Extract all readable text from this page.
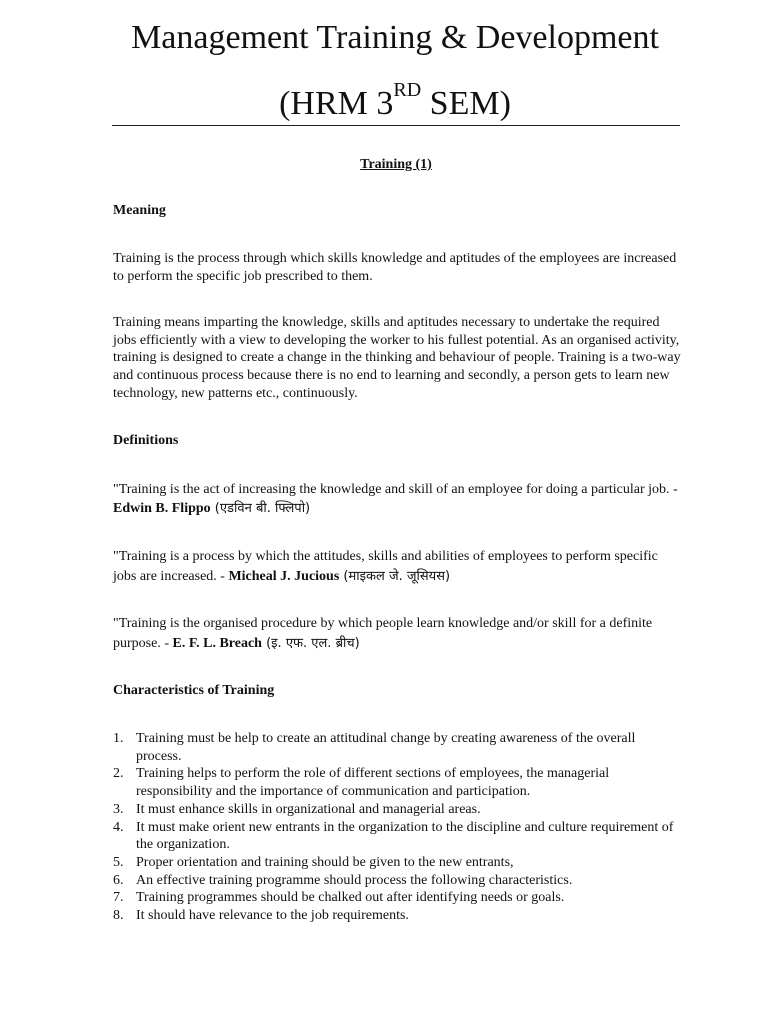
Management Training & Development
(HRM 3RD SEM)
Training (1)
Meaning
Training is the process through which skills knowledge and aptitudes of the employees are increased to perform the specific job prescribed to them.
Training means imparting the knowledge, skills and aptitudes necessary to undertake the required jobs efficiently with a view to developing the worker to his fullest potential. As an organised activity, training is designed to create a change in the thinking and behaviour of people. Training is a two-way and continuous process because there is no end to learning and secondly, a person gets to learn new technology, new patterns etc., continuously.
Definitions
"Training is the act of increasing the knowledge and skill of an employee for doing a particular job. - Edwin B. Flippo (एडविन बी. फ्लिपो)
"Training is a process by which the attitudes, skills and abilities of employees to perform specific jobs are increased. - Micheal J. Jucious (माइकल जे. जूसियस)
"Training is the organised procedure by which people learn knowledge and/or skill for a definite purpose. - E. F. L. Breach (इ. एफ. एल. ब्रीच)
Characteristics of Training
1. Training must be help to create an attitudinal change by creating awareness of the overall process.
2. Training helps to perform the role of different sections of employees, the managerial responsibility and the importance of communication and participation.
3. It must enhance skills in organizational and managerial areas.
4. It must make orient new entrants in the organization to the discipline and culture requirement of the organization.
5. Proper orientation and training should be given to the new entrants,
6. An effective training programme should process the following characteristics.
7. Training programmes should be chalked out after identifying needs or goals.
8. It should have relevance to the job requirements.
